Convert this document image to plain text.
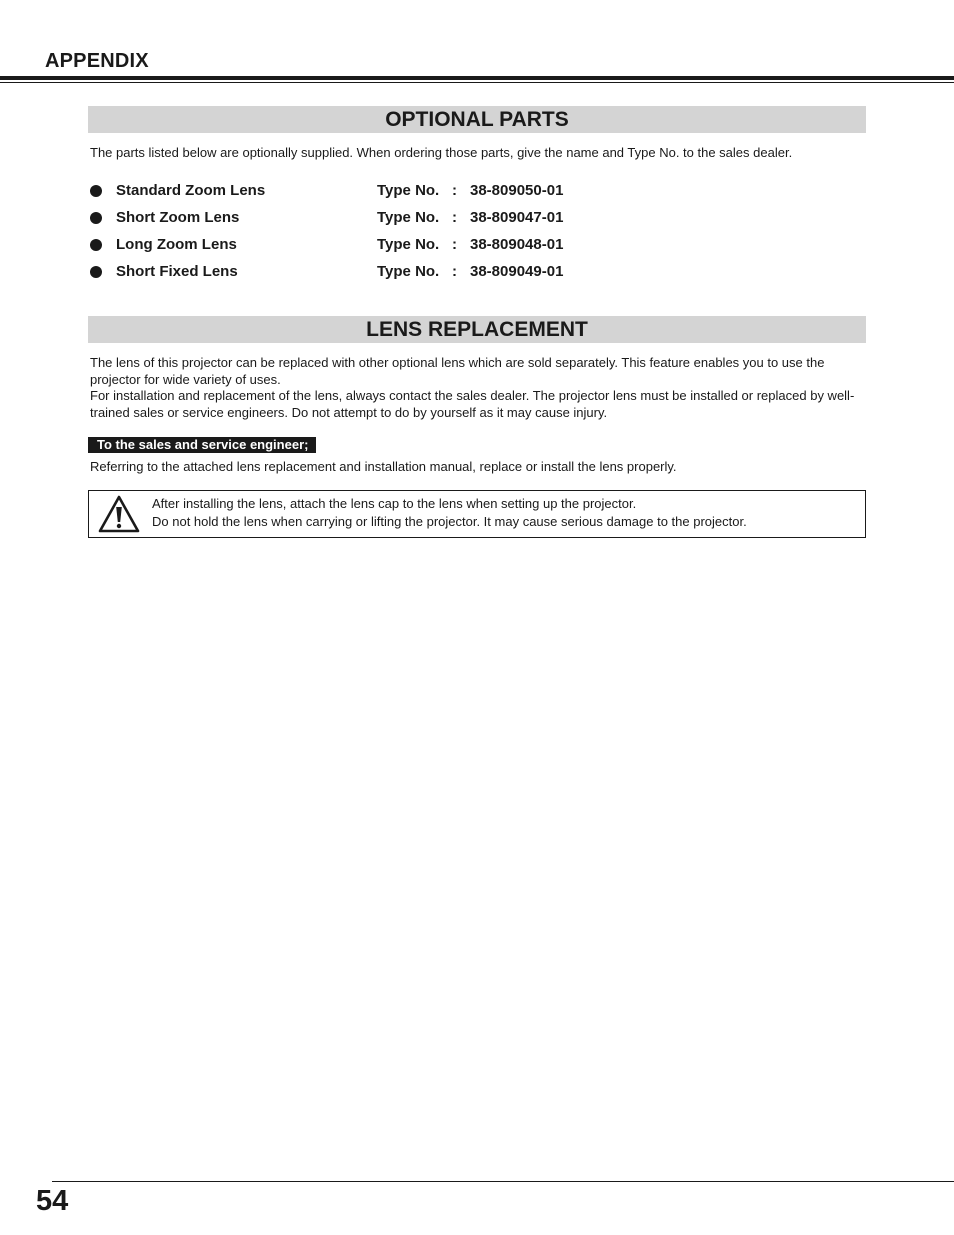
APPENDIX
OPTIONAL PARTS
The parts listed below are optionally supplied. When ordering those parts, give the name and Type No. to the sales dealer.
Standard Zoom Lens	Type No. : 38-809050-01
Short Zoom Lens	Type No. : 38-809047-01
Long Zoom Lens	Type No. : 38-809048-01
Short Fixed Lens	Type No. : 38-809049-01
LENS REPLACEMENT
The lens of this projector can be replaced with other optional lens which are sold separately. This feature enables you to use the projector for wide variety of uses.
For installation and replacement of the lens, always contact the sales dealer. The projector lens must be installed or replaced by well-trained sales or service engineers. Do not attempt to do by yourself as it may cause injury.
To the sales and service engineer;
Referring to the attached lens replacement and installation manual, replace or install the lens properly.
After installing the lens, attach the lens cap to the lens when setting up the projector.
Do not hold the lens when carrying or lifting the projector. It may cause serious damage to the projector.
54
